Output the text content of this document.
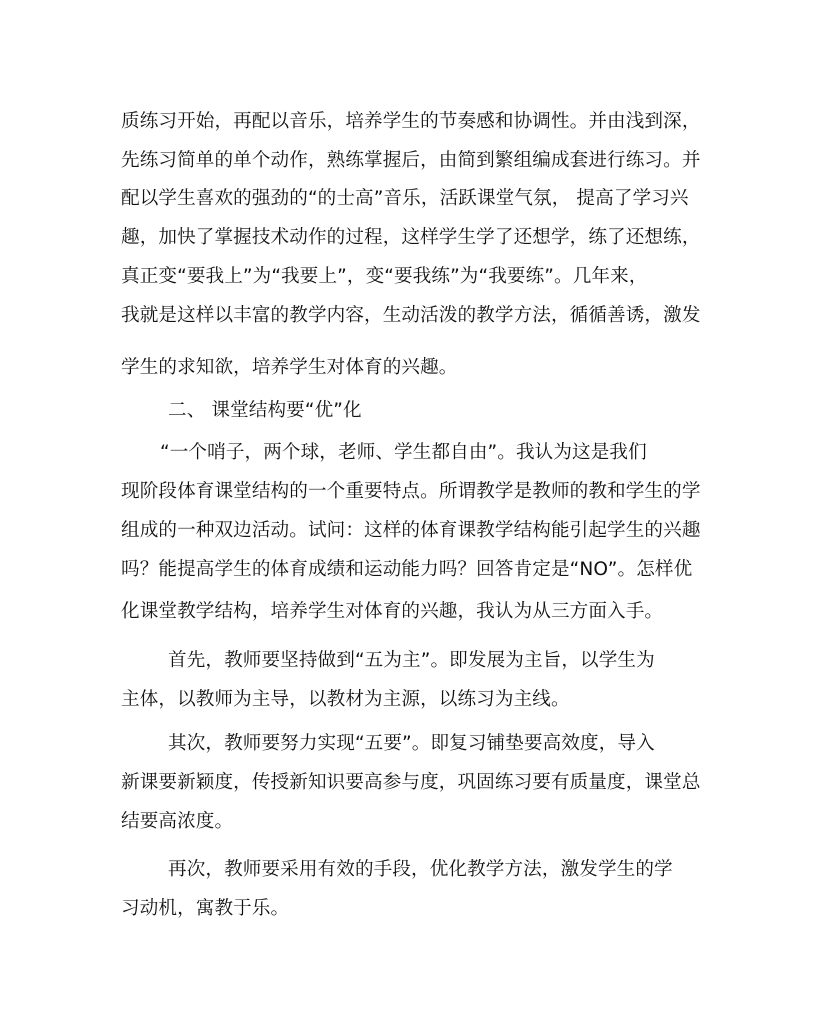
质练习开始，再配以音乐，培养学生的节奏感和协调性。并由浅到深，
先练习简单的单个动作，熟练掌握后，由简到繁组编成套进行练习。并
配以学生喜欢的强劲的“的士高”音乐，活跃课堂气氛， 提高了学习兴
趣，加快了掌握技术动作的过程，这样学生学了还想学，练了还想练，
真正变“要我上”为“我要上”，变“要我练”为“我要练”。几年来，
我就是这样以丰富的教学内容，生动活泼的教学方法，循循善诱，激发
学生的求知欲，培养学生对体育的兴趣。
二、 课堂结构要“优”化
“一个哨子，两个球，老师、学生都自由”。我认为这是我们
现阶段体育课堂结构的一个重要特点。所谓教学是教师的教和学生的学
组成的一种双边活动。试问：这样的体育课教学结构能引起学生的兴趣
吗？能提高学生的体育成绩和运动能力吗？回答肯定是“NO”。怎样优
化课堂教学结构，培养学生对体育的兴趣，我认为从三方面入手。
首先，教师要坚持做到“五为主”。即发展为主旨，以学生为
主体，以教师为主导，以教材为主源，以练习为主线。
其次，教师要努力实现“五要”。即复习铺垫要高效度，导入
新课要新颖度，传授新知识要高参与度，巩固练习要有质量度，课堂总
结要高浓度。
再次，教师要采用有效的手段，优化教学方法，激发学生的学
习动机，寓教于乐。
